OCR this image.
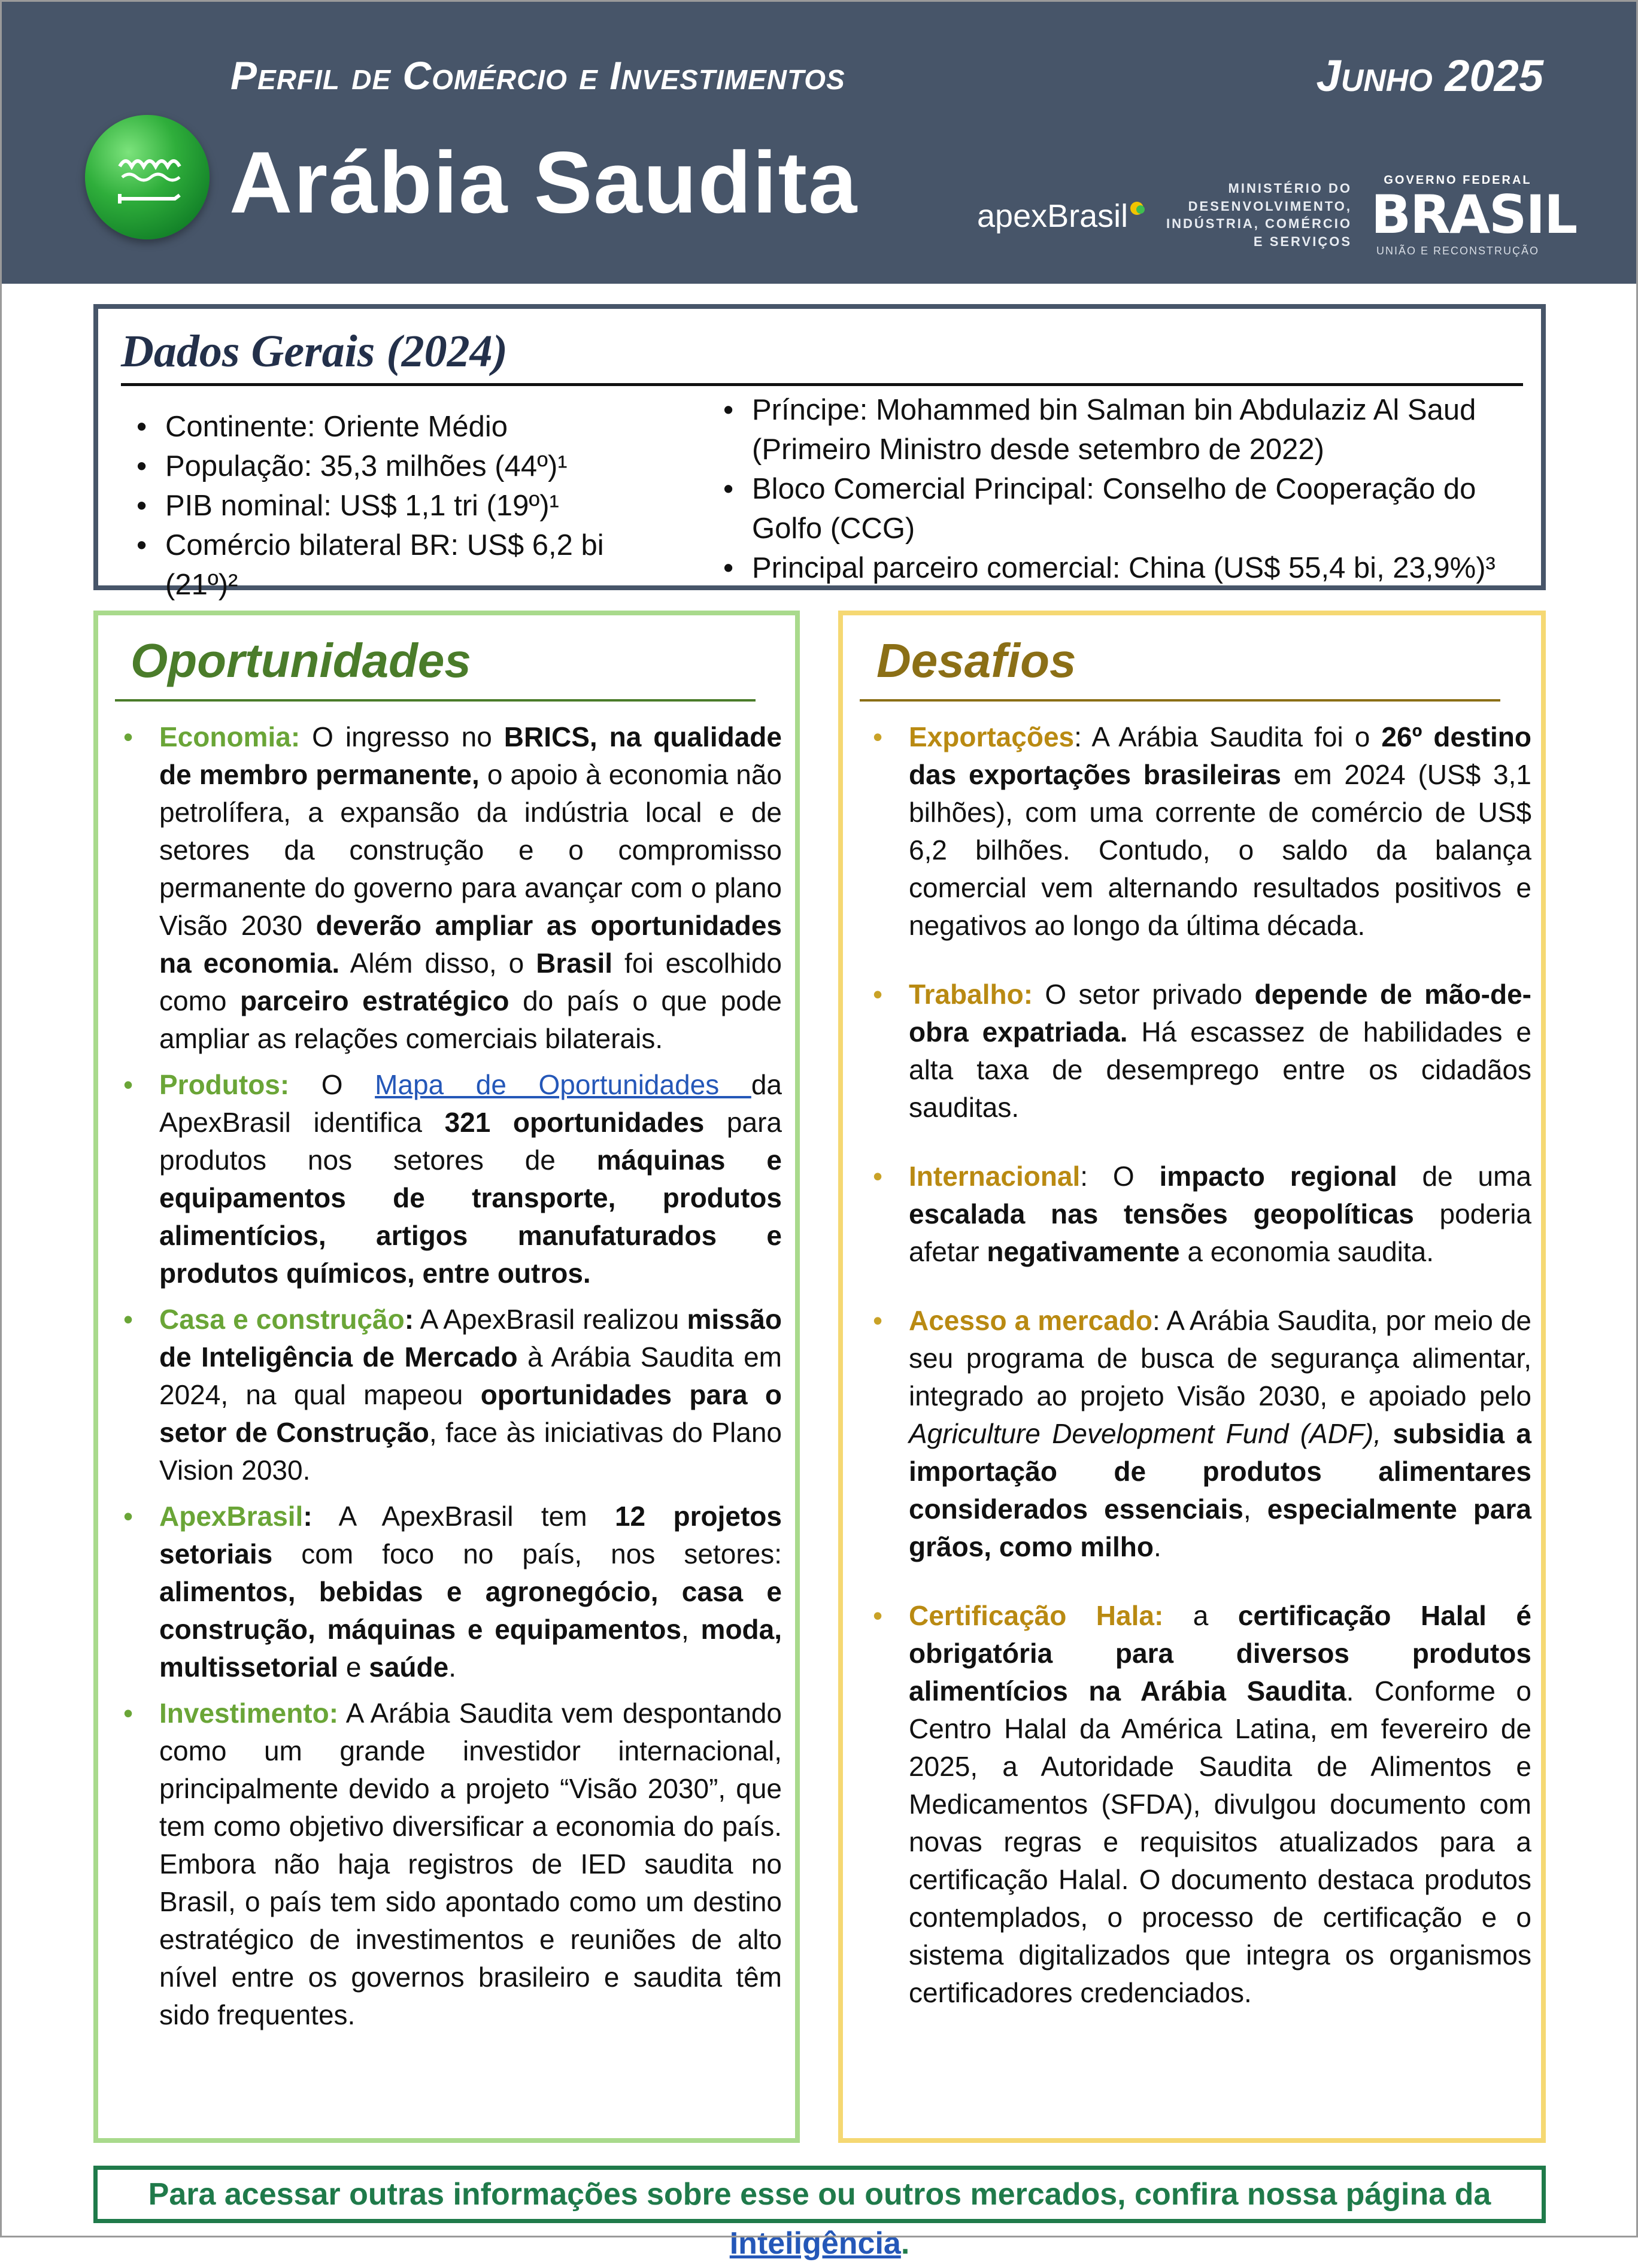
Perfil de Comércio e Investimentos	Junho 2025
Arábia Saudita	apexBrasil
MINISTÉRIO DO
DESENVOLVIMENTO,
INDÚSTRIA, COMÉRCIO
E SERVIÇOS
GOVERNO FEDERAL
BRASIL
UNIÃO E RECONSTRUÇÃO
Dados Gerais (2024)
• Continente: Oriente Médio
• População: 35,3 milhões (44º)¹
• PIB nominal: US$ 1,1 tri (19º)¹
• Comércio bilateral BR: US$ 6,2 bi (21º)²
• Príncipe: Mohammed bin Salman bin Abdulaziz Al Saud (Primeiro Ministro desde setembro de 2022)
• Bloco Comercial Principal: Conselho de Cooperação do Golfo (CCG)
• Principal parceiro comercial: China (US$ 55,4 bi, 23,9%)³
Oportunidades
• Economia: O ingresso no BRICS, na qualidade de membro permanente, o apoio à economia não petrolífera, a expansão da indústria local e de setores da construção e o compromisso permanente do governo para avançar com o plano Visão 2030 deverão ampliar as oportunidades na economia. Além disso, o Brasil foi escolhido como parceiro estratégico do país o que pode ampliar as relações comerciais bilaterais.
• Produtos: O Mapa de Oportunidades da ApexBrasil identifica 321 oportunidades para produtos nos setores de máquinas e equipamentos de transporte, produtos alimentícios, artigos manufaturados e produtos químicos, entre outros.
• Casa e construção: A ApexBrasil realizou missão de Inteligência de Mercado à Arábia Saudita em 2024, na qual mapeou oportunidades para o setor de Construção, face às iniciativas do Plano Vision 2030.
• ApexBrasil: A ApexBrasil tem 12 projetos setoriais com foco no país, nos setores: alimentos, bebidas e agronegócio, casa e construção, máquinas e equipamentos, moda, multissetorial e saúde.
• Investimento: A Arábia Saudita vem despontando como um grande investidor internacional, principalmente devido a projeto “Visão 2030”, que tem como objetivo diversificar a economia do país. Embora não haja registros de IED saudita no Brasil, o país tem sido apontado como um destino estratégico de investimentos e reuniões de alto nível entre os governos brasileiro e saudita têm sido frequentes.
Desafios
• Exportações: A Arábia Saudita foi o 26º destino das exportações brasileiras em 2024 (US$ 3,1 bilhões), com uma corrente de comércio de US$ 6,2 bilhões. Contudo, o saldo da balança comercial vem alternando resultados positivos e negativos ao longo da última década.
• Trabalho: O setor privado depende de mão-de-obra expatriada. Há escassez de habilidades e alta taxa de desemprego entre os cidadãos sauditas.
• Internacional: O impacto regional de uma escalada nas tensões geopolíticas poderia afetar negativamente a economia saudita.
• Acesso a mercado: A Arábia Saudita, por meio de seu programa de busca de segurança alimentar, integrado ao projeto Visão 2030, e apoiado pelo Agriculture Development Fund (ADF), subsidia a importação de produtos alimentares considerados essenciais, especialmente para grãos, como milho.
• Certificação Hala: a certificação Halal é obrigatória para diversos produtos alimentícios na Arábia Saudita. Conforme o Centro Halal da América Latina, em fevereiro de 2025, a Autoridade Saudita de Alimentos e Medicamentos (SFDA), divulgou documento com novas regras e requisitos atualizados para a certificação Halal. O documento destaca produtos contemplados, o processo de certificação e o sistema digitalizados que integra os organismos certificadores credenciados.
Para acessar outras informações sobre esse ou outros mercados, confira nossa página da Inteligência.
